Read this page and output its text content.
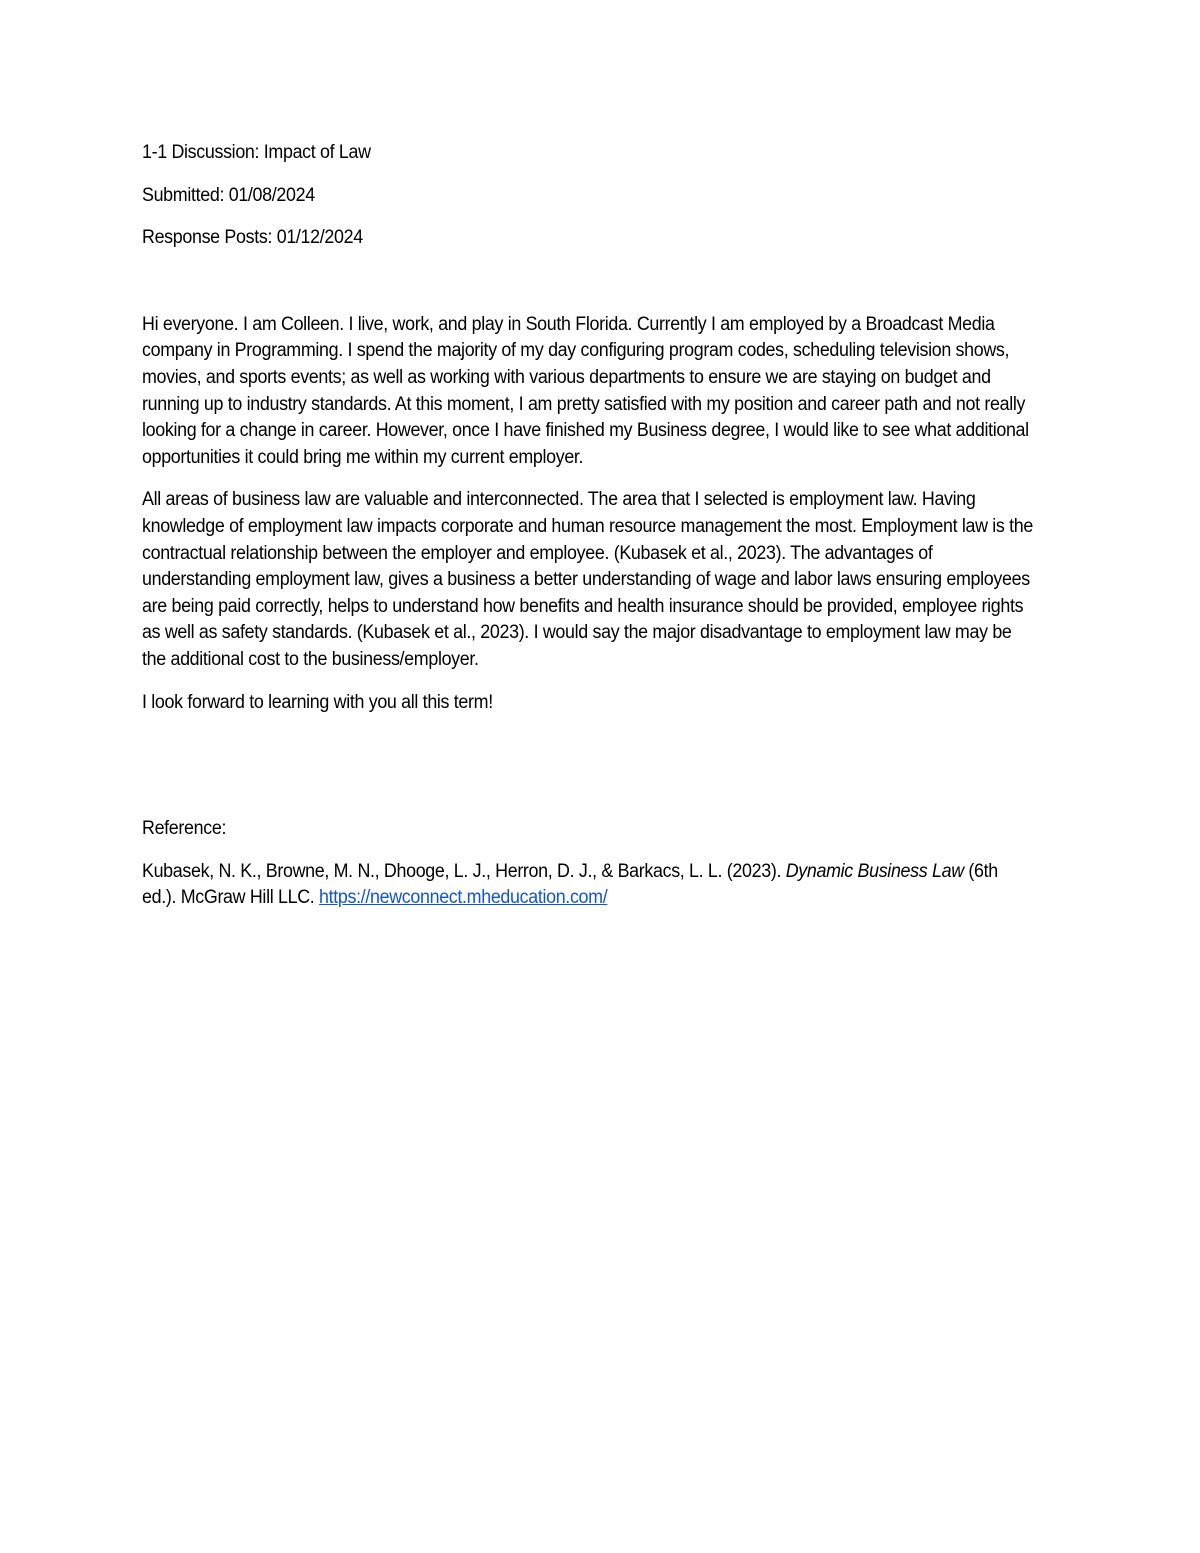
1-1 Discussion: Impact of Law

Submitted: 01/08/2024

Response Posts: 01/12/2024

Hi everyone. I am Colleen. I live, work, and play in South Florida. Currently I am employed by a Broadcast Media
company in Programming. I spend the majority of my day configuring program codes, scheduling television shows,
movies, and sports events; as well as working with various departments to ensure we are staying on budget and
running up to industry standards. At this moment, I am pretty satisfied with my position and career path and not really
looking for a change in career. However, once I have finished my Business degree, I would like to see what additional
opportunities it could bring me within my current employer.

All areas of business law are valuable and interconnected. The area that I selected is employment law. Having
knowledge of employment law impacts corporate and human resource management the most. Employment law is the
contractual relationship between the employer and employee. (Kubasek et al., 2023). The advantages of
understanding employment law, gives a business a better understanding of wage and labor laws ensuring employees
are being paid correctly, helps to understand how benefits and health insurance should be provided, employee rights
as well as safety standards. (Kubasek et al., 2023). I would say the major disadvantage to employment law may be
the additional cost to the business/employer.

I look forward to learning with you all this term!

Reference:

Kubasek, N. K., Browne, M. N., Dhooge, L. J., Herron, D. J., & Barkacs, L. L. (2023). Dynamic Business Law (6th
ed.). McGraw Hill LLC. https://newconnect.mheducation.com/
